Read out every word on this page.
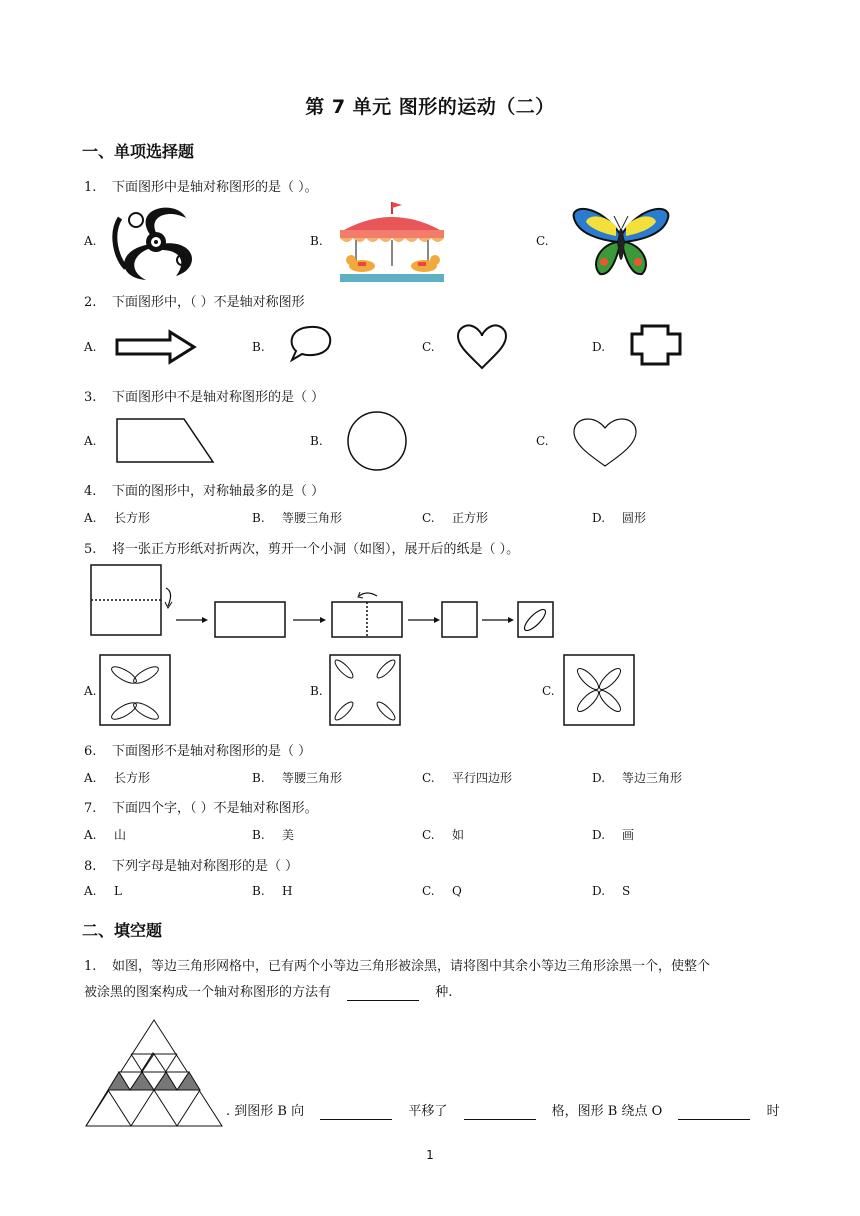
第 7 单元 图形的运动（二）
一、单项选择题
1. 下面图形中是轴对称图形的是（ ）。
A.	B.	C.
2. 下面图形中，（ ）不是轴对称图形
A.	B.	C.	D.
3. 下面图形中不是轴对称图形的是（ ）
A.	B.	C.
4. 下面的图形中，对称轴最多的是（ ）
A. 长方形	B. 等腰三角形	C. 正方形	D. 圆形
5. 将一张正方形纸对折两次，剪开一个小洞（如图），展开后的纸是（ ）。
A.	B.	C.
6. 下面图形不是轴对称图形的是（ ）
A. 长方形	B. 等腰三角形	C. 平行四边形	D. 等边三角形
7. 下面四个字，（ ）不是轴对称图形。
A. 山	B. 美	C. 如	D. 画
8. 下列字母是轴对称图形的是（ ）
A. L	B. H	C. Q	D. S
二、填空题
1. 如图，等边三角形网格中，已有两个小等边三角形被涂黑，请将图中其余小等边三角形涂黑一个，使整个
被涂黑的图案构成一个轴对称图形的方法有	种.
. 到图形 B 向	平移了	格，图形 B 绕点 O	时
1
